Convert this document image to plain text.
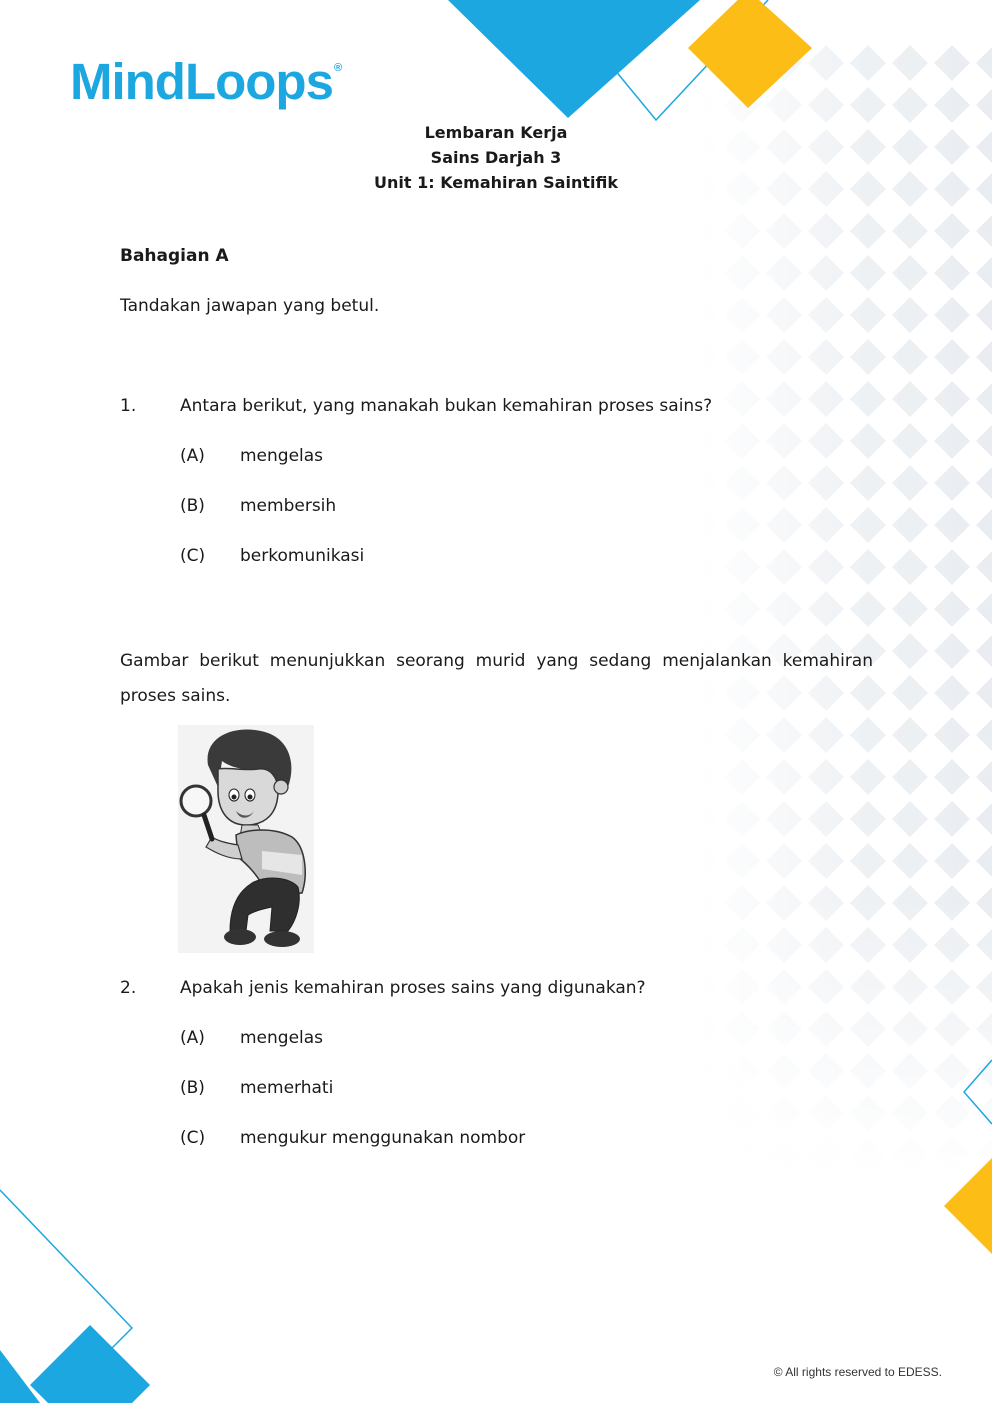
MindLoops®
Lembaran Kerja
Sains Darjah 3
Unit 1: Kemahiran Saintifik
Bahagian A
Tandakan jawapan yang betul.
1.	Antara berikut, yang manakah bukan kemahiran proses sains?
(A) mengelas
(B) membersih
(C) berkomunikasi
Gambar berikut menunjukkan seorang murid yang sedang menjalankan kemahiran proses sains.
2.	Apakah jenis kemahiran proses sains yang digunakan?
(A) mengelas
(B) memerhati
(C) mengukur menggunakan nombor
© All rights reserved to EDESS.
